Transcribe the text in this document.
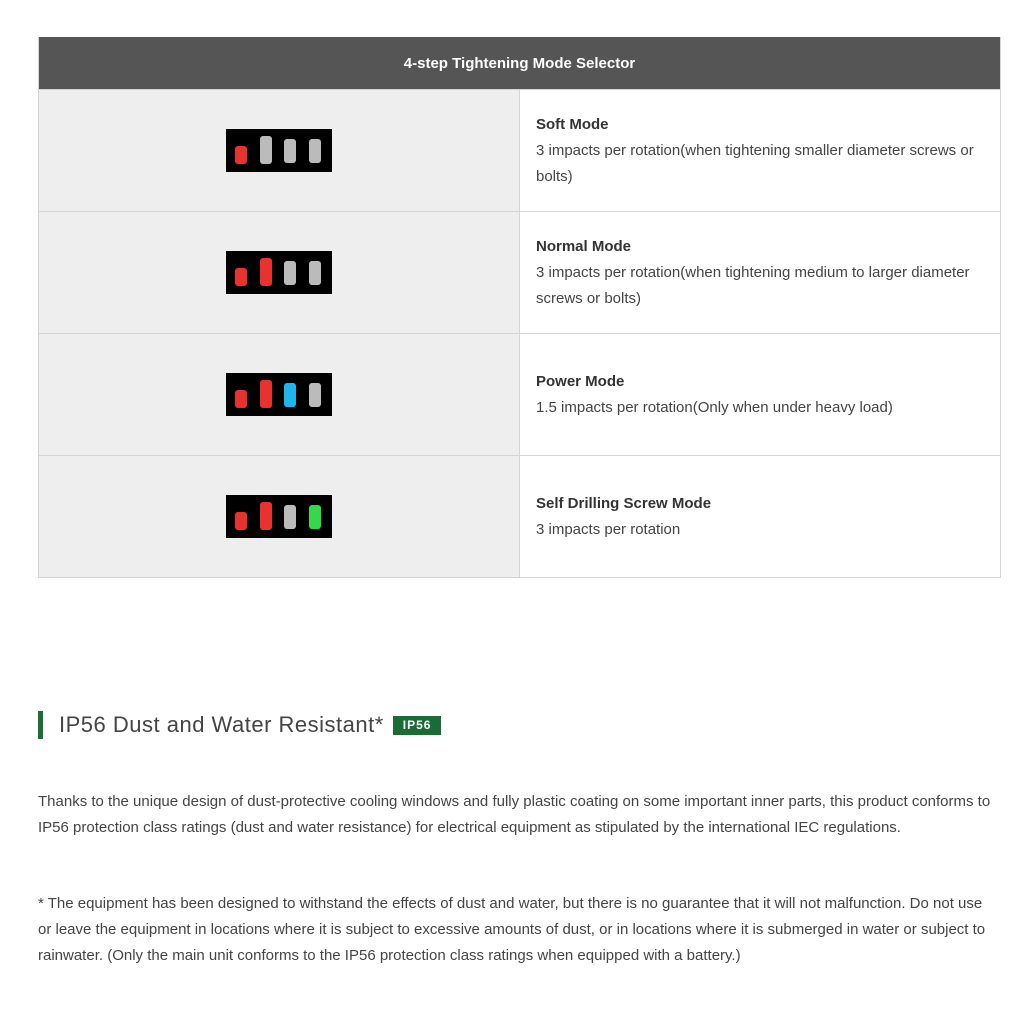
4-step Tightening Mode Selector
Soft Mode
3 impacts per rotation(when tightening smaller diameter screws or bolts)
Normal Mode
3 impacts per rotation(when tightening medium to larger diameter screws or bolts)
Power Mode
1.5 impacts per rotation(Only when under heavy load)
Self Drilling Screw Mode
3 impacts per rotation
IP56 Dust and Water Resistant*	IP56

Thanks to the unique design of dust-protective cooling windows and fully plastic coating on some important inner parts, this product conforms to IP56 protection class ratings (dust and water resistance) for electrical equipment as stipulated by the international IEC regulations.

* The equipment has been designed to withstand the effects of dust and water, but there is no guarantee that it will not malfunction. Do not use or leave the equipment in locations where it is subject to excessive amounts of dust, or in locations where it is submerged in water or subject to rainwater. (Only the main unit conforms to the IP56 protection class ratings when equipped with a battery.)
